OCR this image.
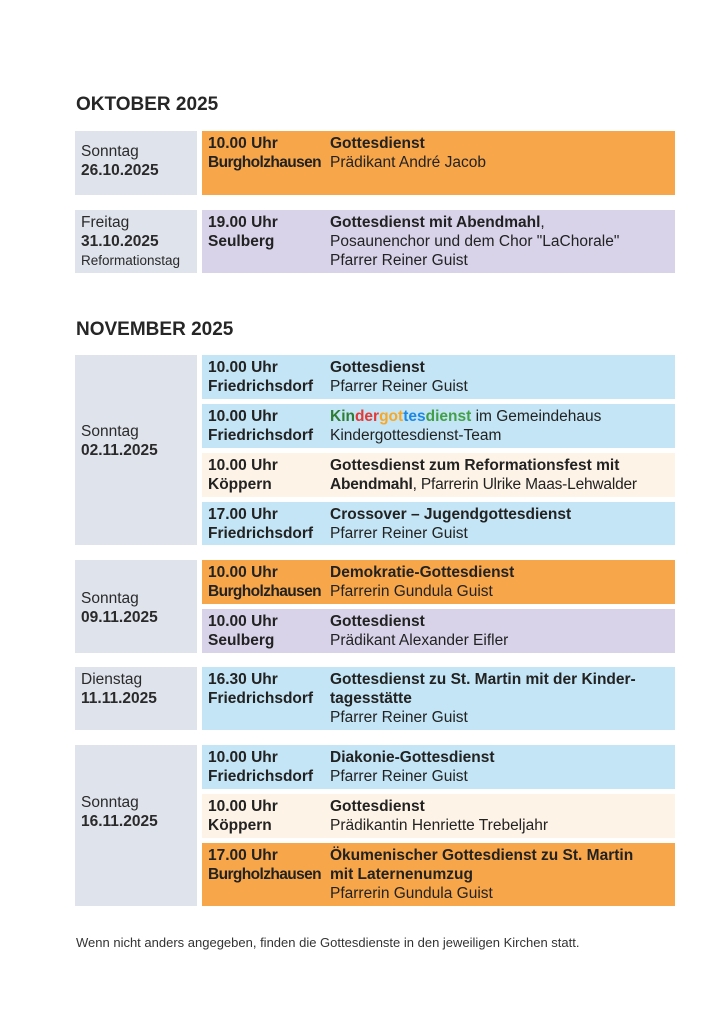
OKTOBER 2025
Sonntag
26.10.2025
10.00 Uhr
Burgholzhausen
Gottesdienst
Prädikant André Jacob
Freitag
31.10.2025
Reformationstag
19.00 Uhr
Seulberg
Gottesdienst mit Abendmahl,
Posaunenchor und dem Chor "LaChorale"
Pfarrer Reiner Guist
NOVEMBER 2025
Sonntag
02.11.2025
10.00 Uhr
Friedrichsdorf
Gottesdienst
Pfarrer Reiner Guist
10.00 Uhr
Friedrichsdorf
Kindergottesdienst im Gemeindehaus
Kindergottesdienst-Team
10.00 Uhr
Köppern
Gottesdienst zum Reformationsfest mit
Abendmahl, Pfarrerin Ulrike Maas-Lehwalder
17.00 Uhr
Friedrichsdorf
Crossover – Jugendgottesdienst
Pfarrer Reiner Guist
Sonntag
09.11.2025
10.00 Uhr
Burgholzhausen
Demokratie-Gottesdienst
Pfarrerin Gundula Guist
10.00 Uhr
Seulberg
Gottesdienst
Prädikant Alexander Eifler
Dienstag
11.11.2025
16.30 Uhr
Friedrichsdorf
Gottesdienst zu St. Martin mit der Kinder-
tagesstätte
Pfarrer Reiner Guist
Sonntag
16.11.2025
10.00 Uhr
Friedrichsdorf
Diakonie-Gottesdienst
Pfarrer Reiner Guist
10.00 Uhr
Köppern
Gottesdienst
Prädikantin Henriette Trebeljahr
17.00 Uhr
Burgholzhausen
Ökumenischer Gottesdienst zu St. Martin
mit Laternenumzug
Pfarrerin Gundula Guist
Wenn nicht anders angegeben, finden die Gottesdienste in den jeweiligen Kirchen statt.
